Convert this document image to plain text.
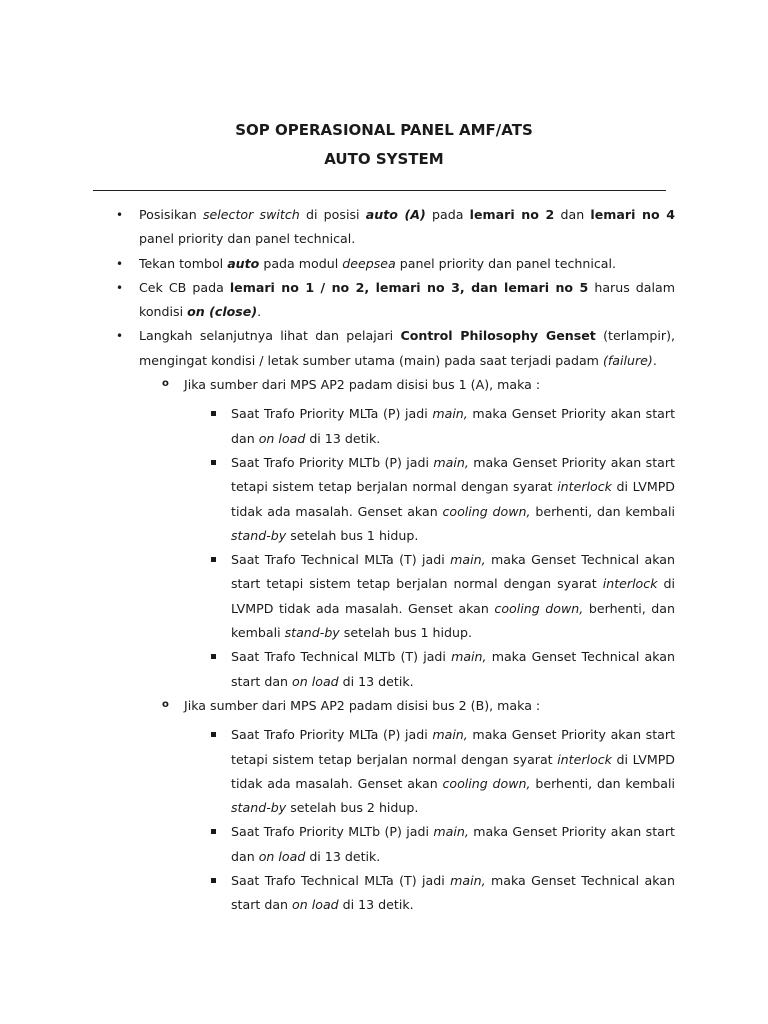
SOP OPERASIONAL PANEL AMF/ATS
AUTO SYSTEM
• Posisikan selector switch di posisi auto (A) pada lemari no 2 dan lemari no 4 panel priority dan panel technical.
• Tekan tombol auto pada modul deepsea panel priority dan panel technical.
• Cek CB pada lemari no 1 / no 2, lemari no 3, dan lemari no 5 harus dalam kondisi on (close).
• Langkah selanjutnya lihat dan pelajari Control Philosophy Genset (terlampir), mengingat kondisi / letak sumber utama (main) pada saat terjadi padam (failure).
o Jika sumber dari MPS AP2 padam disisi bus 1 (A), maka :
Saat Trafo Priority MLTa (P) jadi main, maka Genset Priority akan start dan on load di 13 detik.
Saat Trafo Priority MLTb (P) jadi main, maka Genset Priority akan start tetapi sistem tetap berjalan normal dengan syarat interlock di LVMPD tidak ada masalah. Genset akan cooling down, berhenti, dan kembali stand-by setelah bus 1 hidup.
Saat Trafo Technical MLTa (T) jadi main, maka Genset Technical akan start tetapi sistem tetap berjalan normal dengan syarat interlock di LVMPD tidak ada masalah. Genset akan cooling down, berhenti, dan kembali stand-by setelah bus 1 hidup.
Saat Trafo Technical MLTb (T) jadi main, maka Genset Technical akan start dan on load di 13 detik.
o Jika sumber dari MPS AP2 padam disisi bus 2 (B), maka :
Saat Trafo Priority MLTa (P) jadi main, maka Genset Priority akan start tetapi sistem tetap berjalan normal dengan syarat interlock di LVMPD tidak ada masalah. Genset akan cooling down, berhenti, dan kembali stand-by setelah bus 2 hidup.
Saat Trafo Priority MLTb (P) jadi main, maka Genset Priority akan start dan on load di 13 detik.
Saat Trafo Technical MLTa (T) jadi main, maka Genset Technical akan start dan on load di 13 detik.
